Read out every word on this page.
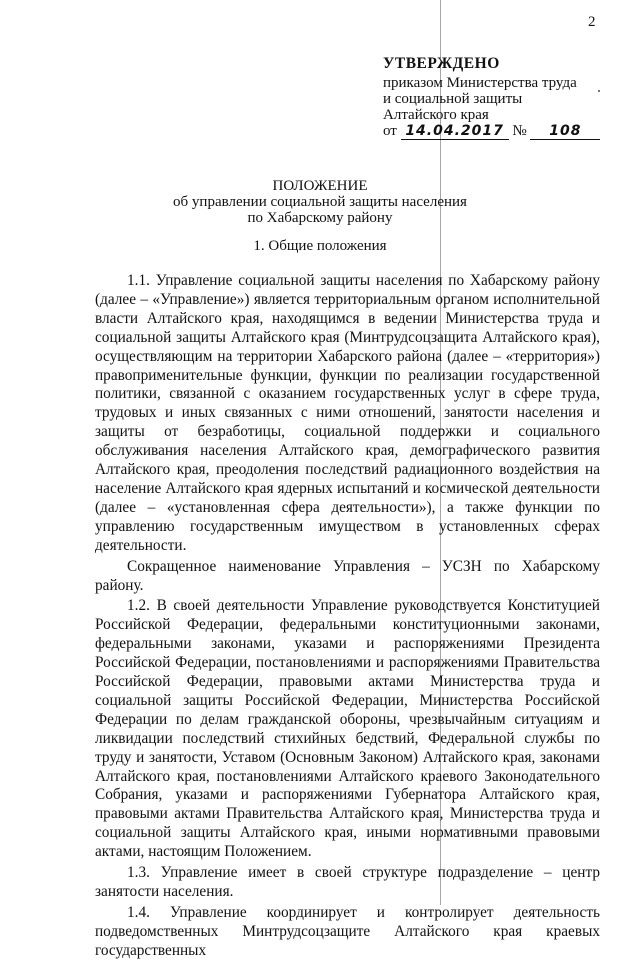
2
УТВЕРЖДЕНО
приказом Министерства труда
и социальной защиты
Алтайского края
от 14.04.2017 № 108
ПОЛОЖЕНИЕ
об управлении социальной защиты населения
по Хабарскому району
1. Общие положения

1.1. Управление социальной защиты населения по Хабарскому району (далее – «Управление») является территориальным органом исполнительной власти Алтайского края, находящимся в ведении Министерства труда и социальной защиты Алтайского края (Минтрудсоцзащита Алтайского края), осуществляющим на территории Хабарского района (далее – «территория») правоприменительные функции, функции по реализации государственной политики, связанной с оказанием государственных услуг в сфере труда, трудовых и иных связанных с ними отношений, занятости населения и защиты от безработицы, социальной поддержки и социального обслуживания населения Алтайского края, демографического развития Алтайского края, преодоления последствий радиационного воздействия на население Алтайского края ядерных испытаний и космической деятельности (далее – «установленная сфера деятельности»), а также функции по управлению государственным имуществом в установленных сферах деятельности.

Сокращенное наименование Управления – УСЗН по Хабарскому району.

1.2. В своей деятельности Управление руководствуется Конституцией Российской Федерации, федеральными конституционными законами, федеральными законами, указами и распоряжениями Президента Российской Федерации, постановлениями и распоряжениями Правительства Российской Федерации, правовыми актами Министерства труда и социальной защиты Российской Федерации, Министерства Российской Федерации по делам гражданской обороны, чрезвычайным ситуациям и ликвидации последствий стихийных бедствий, Федеральной службы по труду и занятости, Уставом (Основным Законом) Алтайского края, законами Алтайского края, постановлениями Алтайского краевого Законодательного Собрания, указами и распоряжениями Губернатора Алтайского края, правовыми актами Правительства Алтайского края, Министерства труда и социальной защиты Алтайского края, иными нормативными правовыми актами, настоящим Положением.

1.3. Управление имеет в своей структуре подразделение – центр занятости населения.

1.4. Управление координирует и контролирует деятельность подведомственных Минтрудсоцзащите Алтайского края краевых государственных
